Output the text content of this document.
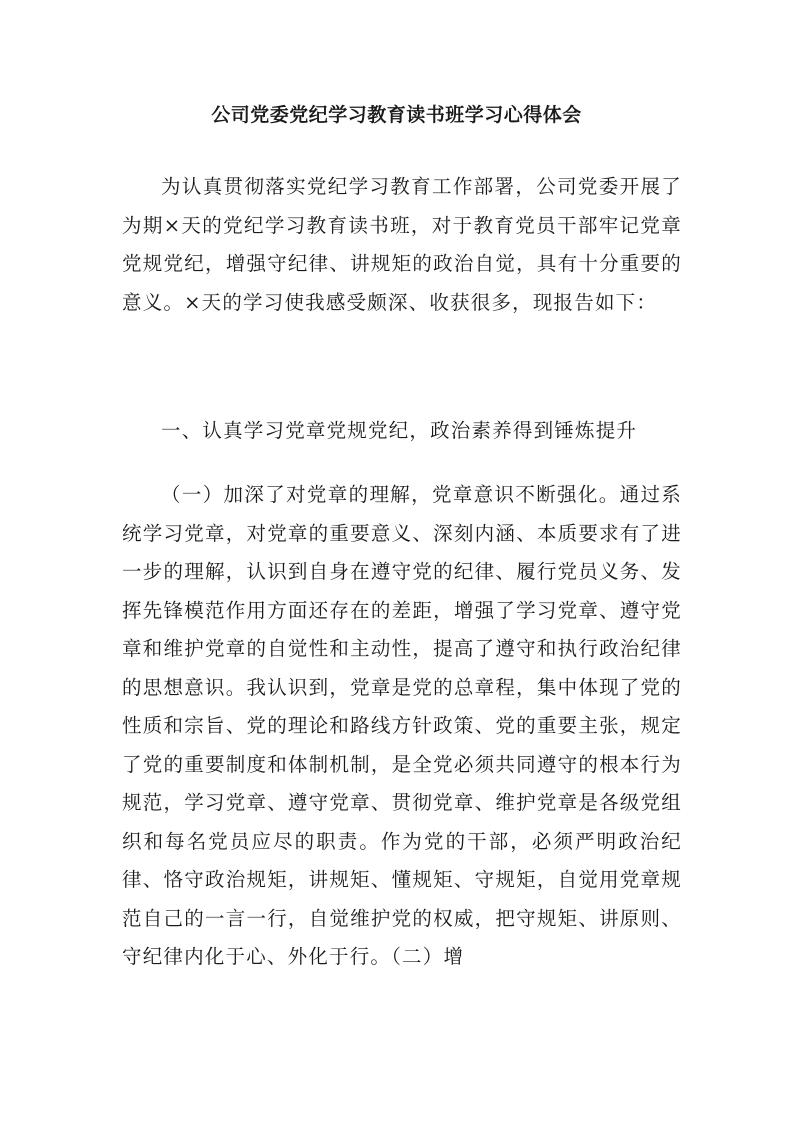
公司党委党纪学习教育读书班学习心得体会
为认真贯彻落实党纪学习教育工作部署，公司党委开展了为期×天的党纪学习教育读书班，对于教育党员干部牢记党章党规党纪，增强守纪律、讲规矩的政治自觉，具有十分重要的意义。×天的学习使我感受颇深、收获很多，现报告如下：
一、认真学习党章党规党纪，政治素养得到锤炼提升
（一）加深了对党章的理解，党章意识不断强化。通过系统学习党章，对党章的重要意义、深刻内涵、本质要求有了进一步的理解，认识到自身在遵守党的纪律、履行党员义务、发挥先锋模范作用方面还存在的差距，增强了学习党章、遵守党章和维护党章的自觉性和主动性，提高了遵守和执行政治纪律的思想意识。我认识到，党章是党的总章程，集中体现了党的性质和宗旨、党的理论和路线方针政策、党的重要主张，规定了党的重要制度和体制机制，是全党必须共同遵守的根本行为规范，学习党章、遵守党章、贯彻党章、维护党章是各级党组织和每名党员应尽的职责。作为党的干部，必须严明政治纪律、恪守政治规矩，讲规矩、懂规矩、守规矩，自觉用党章规范自己的一言一行，自觉维护党的权威，把守规矩、讲原则、守纪律内化于心、外化于行。（二）增
